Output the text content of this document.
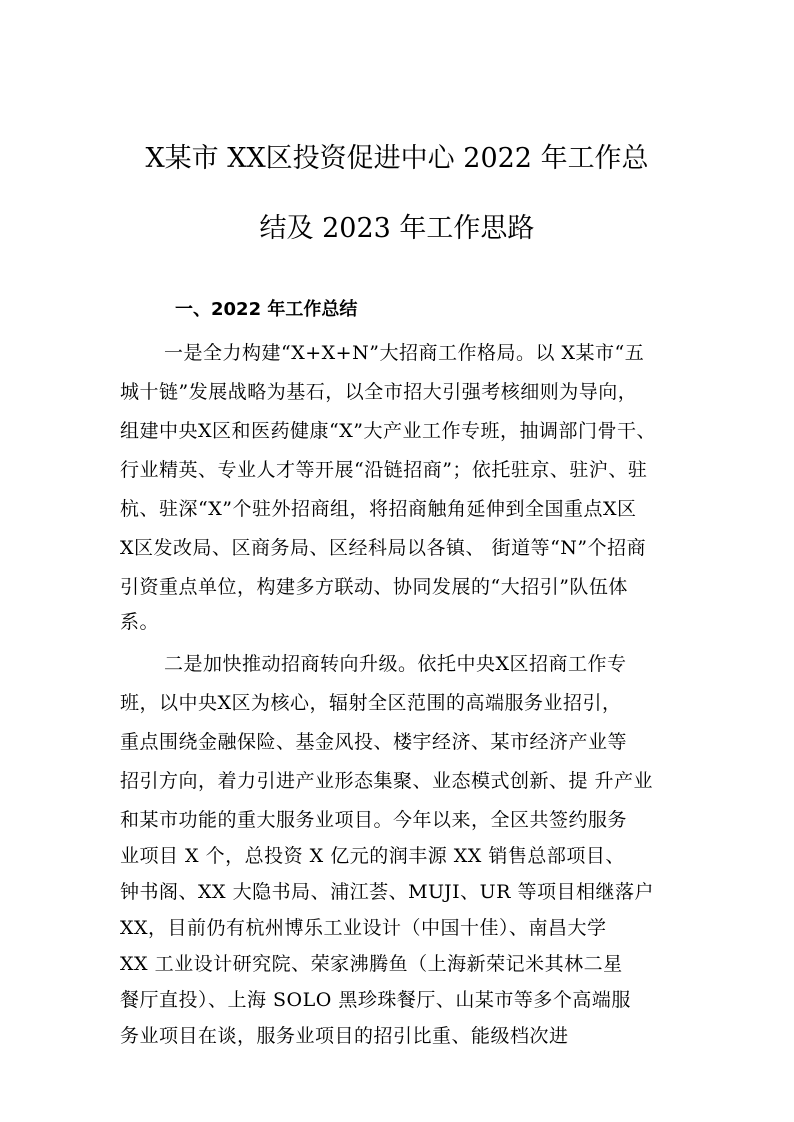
X某市 XX区投资促进中心 2022 年工作总
结及 2023 年工作思路
一、2022 年工作总结
一是全力构建“X+X+N”大招商工作格局。以 X某市“五
城十链”发展战略为基石，以全市招大引强考核细则为导向，
组建中央X区和医药健康“X”大产业工作专班，抽调部门骨干、
行业精英、专业人才等开展“沿链招商”；依托驻京、驻沪、驻
杭、驻深“X”个驻外招商组，将招商触角延伸到全国重点X区
X区发改局、区商务局、区经科局以各镇、 街道等“N”个招商
引资重点单位，构建多方联动、协同发展的“大招引”队伍体
系。
二是加快推动招商转向升级。依托中央X区招商工作专
班，以中央X区为核心，辐射全区范围的高端服务业招引，
重点围绕金融保险、基金风投、楼宇经济、某市经济产业等
招引方向，着力引进产业形态集聚、业态模式创新、提 升产业
和某市功能的重大服务业项目。今年以来，全区共签约服务
业项目 X 个，总投资 X 亿元的润丰源 XX 销售总部项目、
钟书阁、XX 大隐书局、浦江荟、MUJI、UR 等项目相继落户
XX，目前仍有杭州博乐工业设计（中国十佳）、南昌大学
XX 工业设计研究院、荣家沸腾鱼（上海新荣记米其林二星
餐厅直投）、上海 SOLO 黑珍珠餐厅、山某市等多个高端服
务业项目在谈，服务业项目的招引比重、能级档次进
